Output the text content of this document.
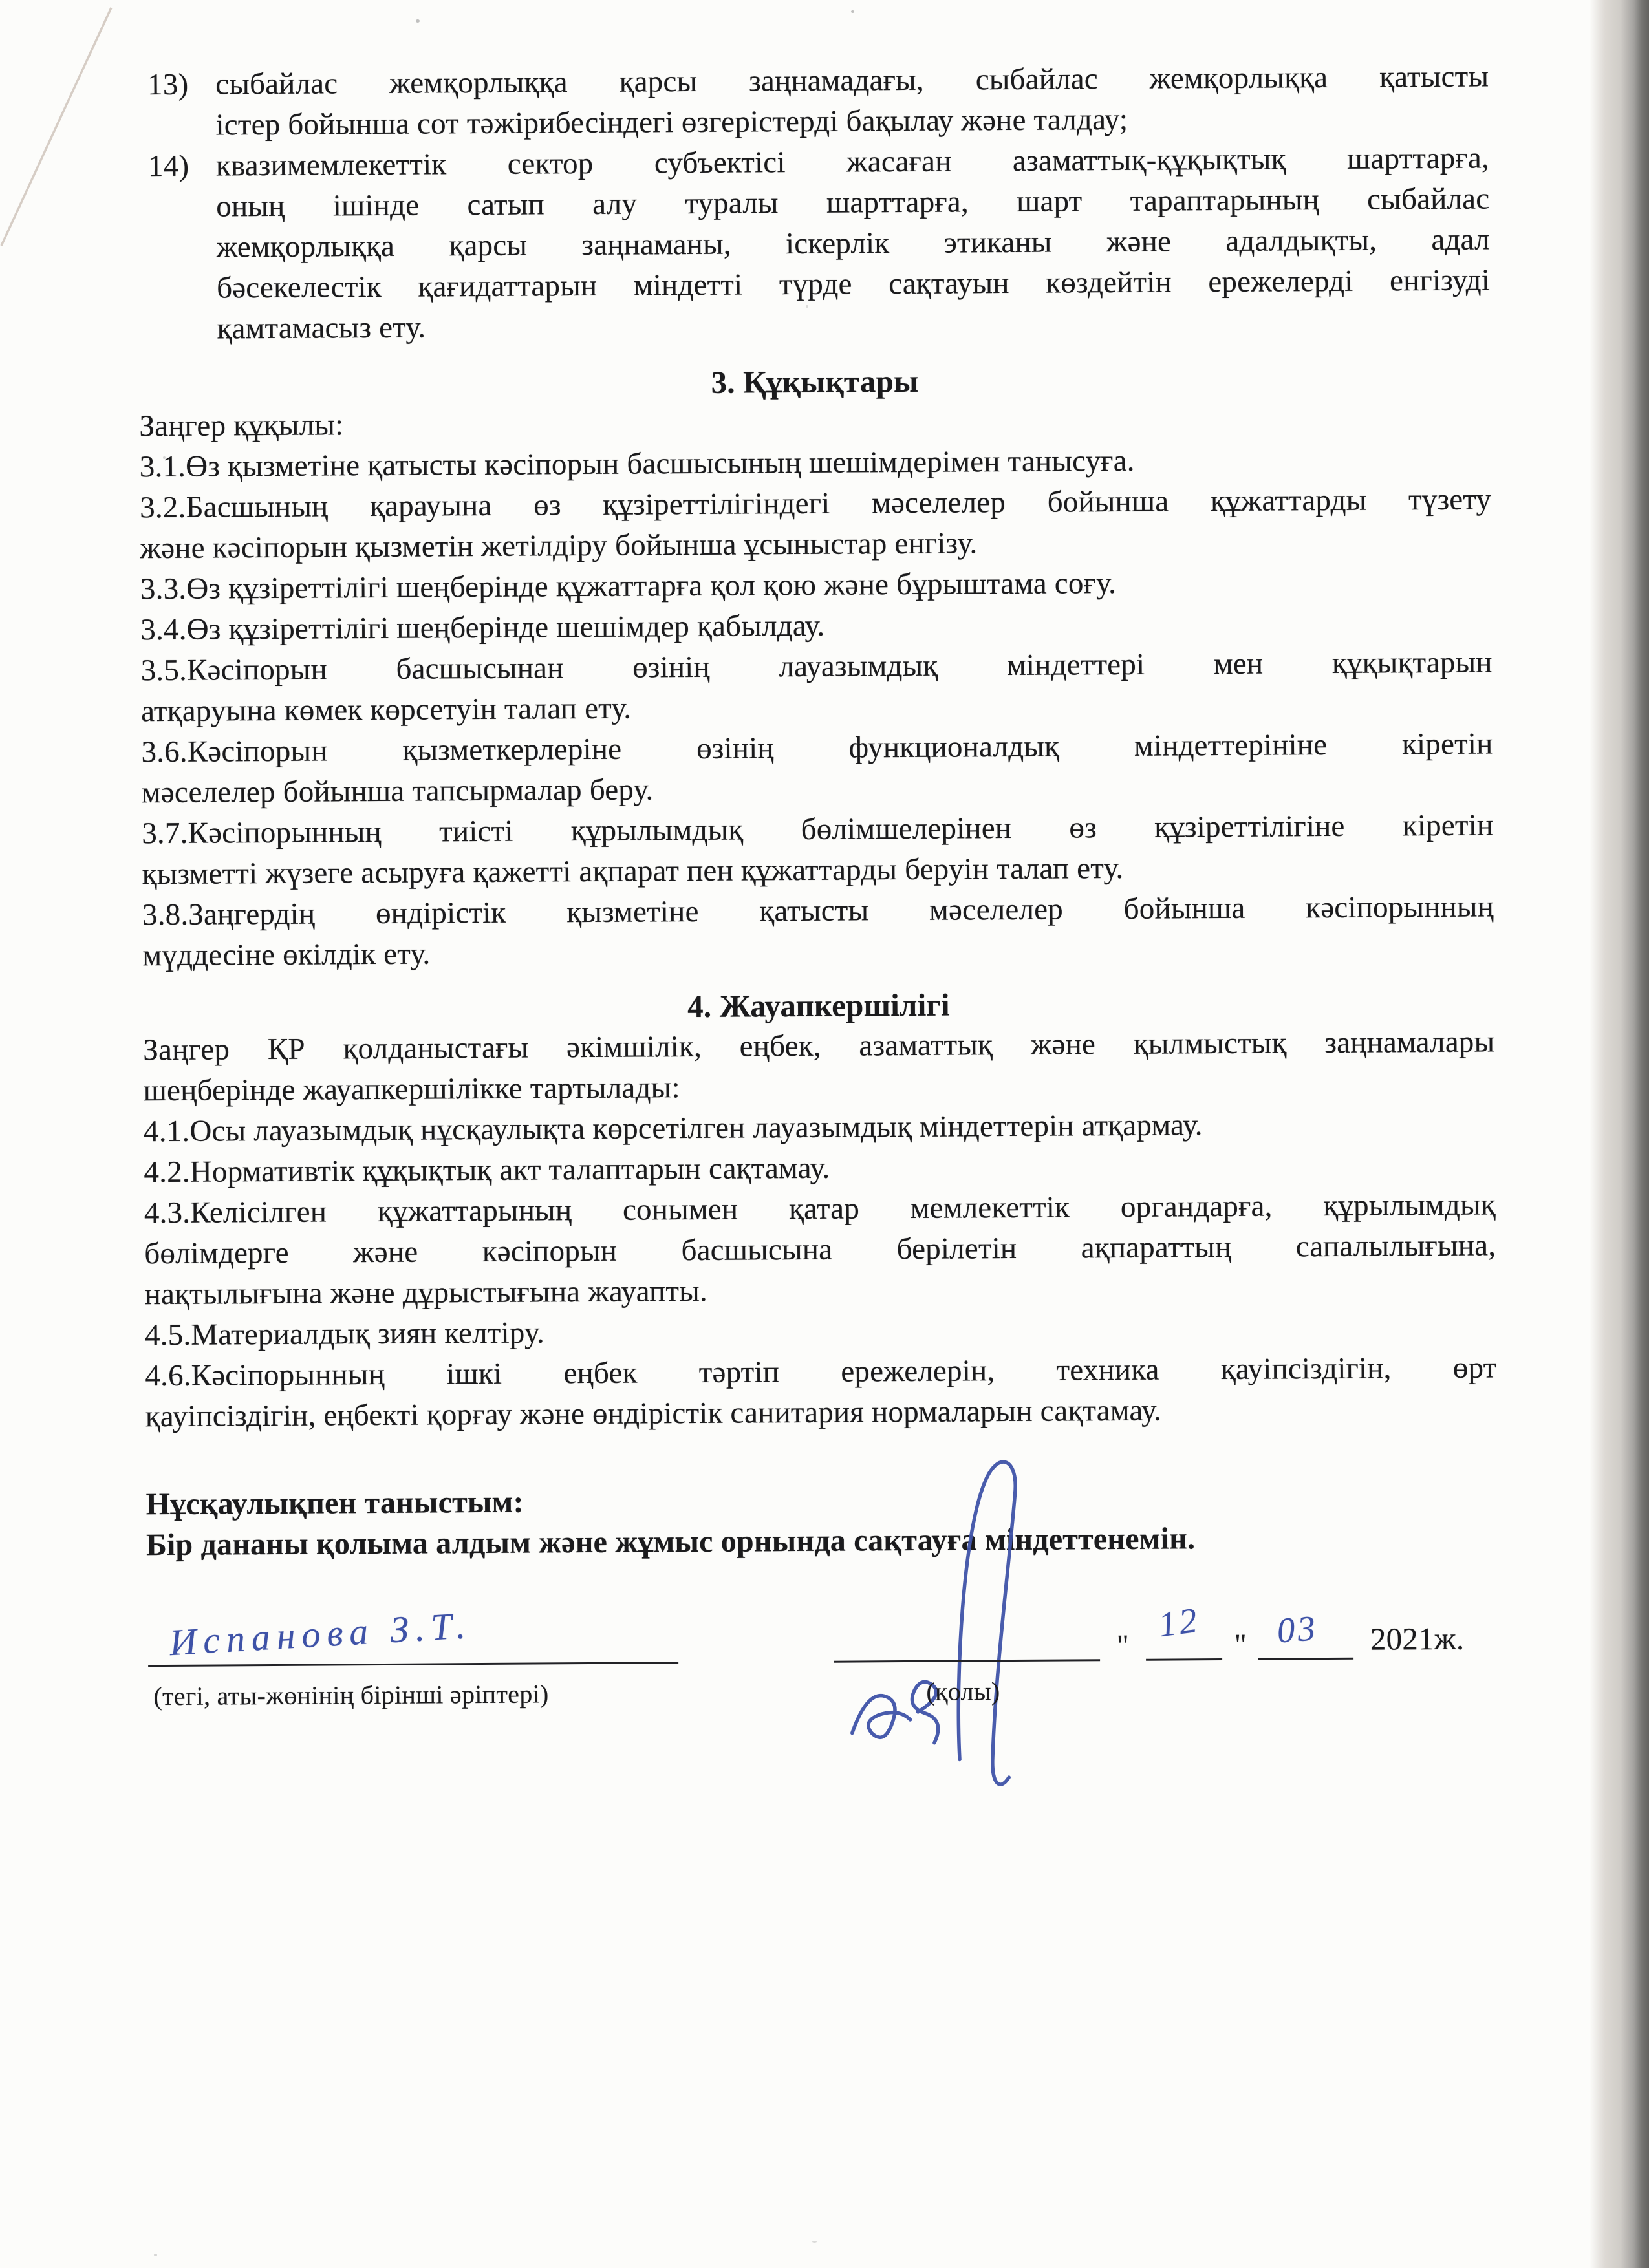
13) сыбайлас жемқорлыққа қарсы заңнамадағы, сыбайлас жемқорлыққа қатысты
істер бойынша сот тәжірибесіндегі өзгерістерді бақылау және талдау;
14) квазимемлекеттік сектор субъектісі жасаған азаматтық-құқықтық шарттарға,
оның ішінде сатып алу туралы шарттарға, шарт тараптарының сыбайлас
жемқорлыққа қарсы заңнаманы, іскерлік этиканы және адалдықты, адал
бәсекелестік қағидаттарын міндетті түрде сақтауын көздейтін ережелерді енгізуді
қамтамасыз ету.
3. Құқықтары
Заңгер құқылы:
3.1.Өз қызметіне қатысты кәсіпорын басшысының шешімдерімен танысуға.
3.2.Басшының қарауына өз құзіреттілігіндегі мәселелер бойынша құжаттарды түзету
және кәсіпорын қызметін жетілдіру бойынша ұсыныстар енгізу.
3.3.Өз құзіреттілігі шеңберінде құжаттарға қол қою және бұрыштама соғу.
3.4.Өз құзіреттілігі шеңберінде шешімдер қабылдау.
3.5.Кәсіпорын басшысынан өзінің лауазымдық міндеттері мен құқықтарын
атқаруына көмек көрсетуін талап ету.
3.6.Кәсіпорын қызметкерлеріне өзінің функционалдық міндеттерініне кіретін
мәселелер бойынша тапсырмалар беру.
3.7.Кәсіпорынның тиісті құрылымдық бөлімшелерінен өз құзіреттілігіне кіретін
қызметті жүзеге асыруға қажетті ақпарат пен құжаттарды беруін талап ету.
3.8.Заңгердің өндірістік қызметіне қатысты мәселелер бойынша кәсіпорынның
мүддесіне өкілдік ету.
4. Жауапкершілігі
Заңгер ҚР қолданыстағы әкімшілік, еңбек, азаматтық және қылмыстық заңнамалары
шеңберінде жауапкершілікке тартылады:
4.1.Осы лауазымдық нұсқаулықта көрсетілген лауазымдық міндеттерін атқармау.
4.2.Нормативтік құқықтық акт талаптарын сақтамау.
4.3.Келісілген құжаттарының сонымен қатар мемлекеттік органдарға, құрылымдық
бөлімдерге және кәсіпорын басшысына берілетін ақпараттың сапалылығына,
нақтылығына және дұрыстығына жауапты.
4.5.Материалдық зиян келтіру.
4.6.Кәсіпорынның ішкі еңбек тәртіп ережелерін, техника қауіпсіздігін, өрт
қауіпсіздігін, еңбекті қорғау және өндірістік санитария нормаларын сақтамау.
Нұсқаулықпен таныстым:
Бір дананы қолыма алдым және жұмыс орнында сақтауға міндеттенемін.
Испанова З.Т.
(тегі, аты-жөнінің бірінші әріптері)	(қолы)
"
12
" 03 2021ж.
